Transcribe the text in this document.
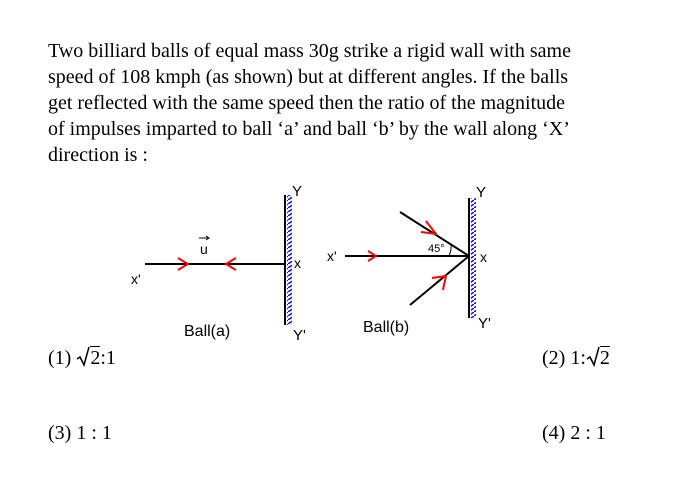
Two billiard balls of equal mass 30g strike a rigid wall with same
speed of 108 kmph (as shown) but at different angles. If the balls
get reflected with the same speed then the ratio of the magnitude
of impulses imparted to ball ‘a’ and ball ‘b’ by the wall along ‘X’
direction is :
u
x'
x
Y
Y'
Ball(a)
45°
x'	x
Y
Y'
Ball(b)
(1) 2:1	(2) 1: 2
(3) 1 : 1	(4) 2 : 1
